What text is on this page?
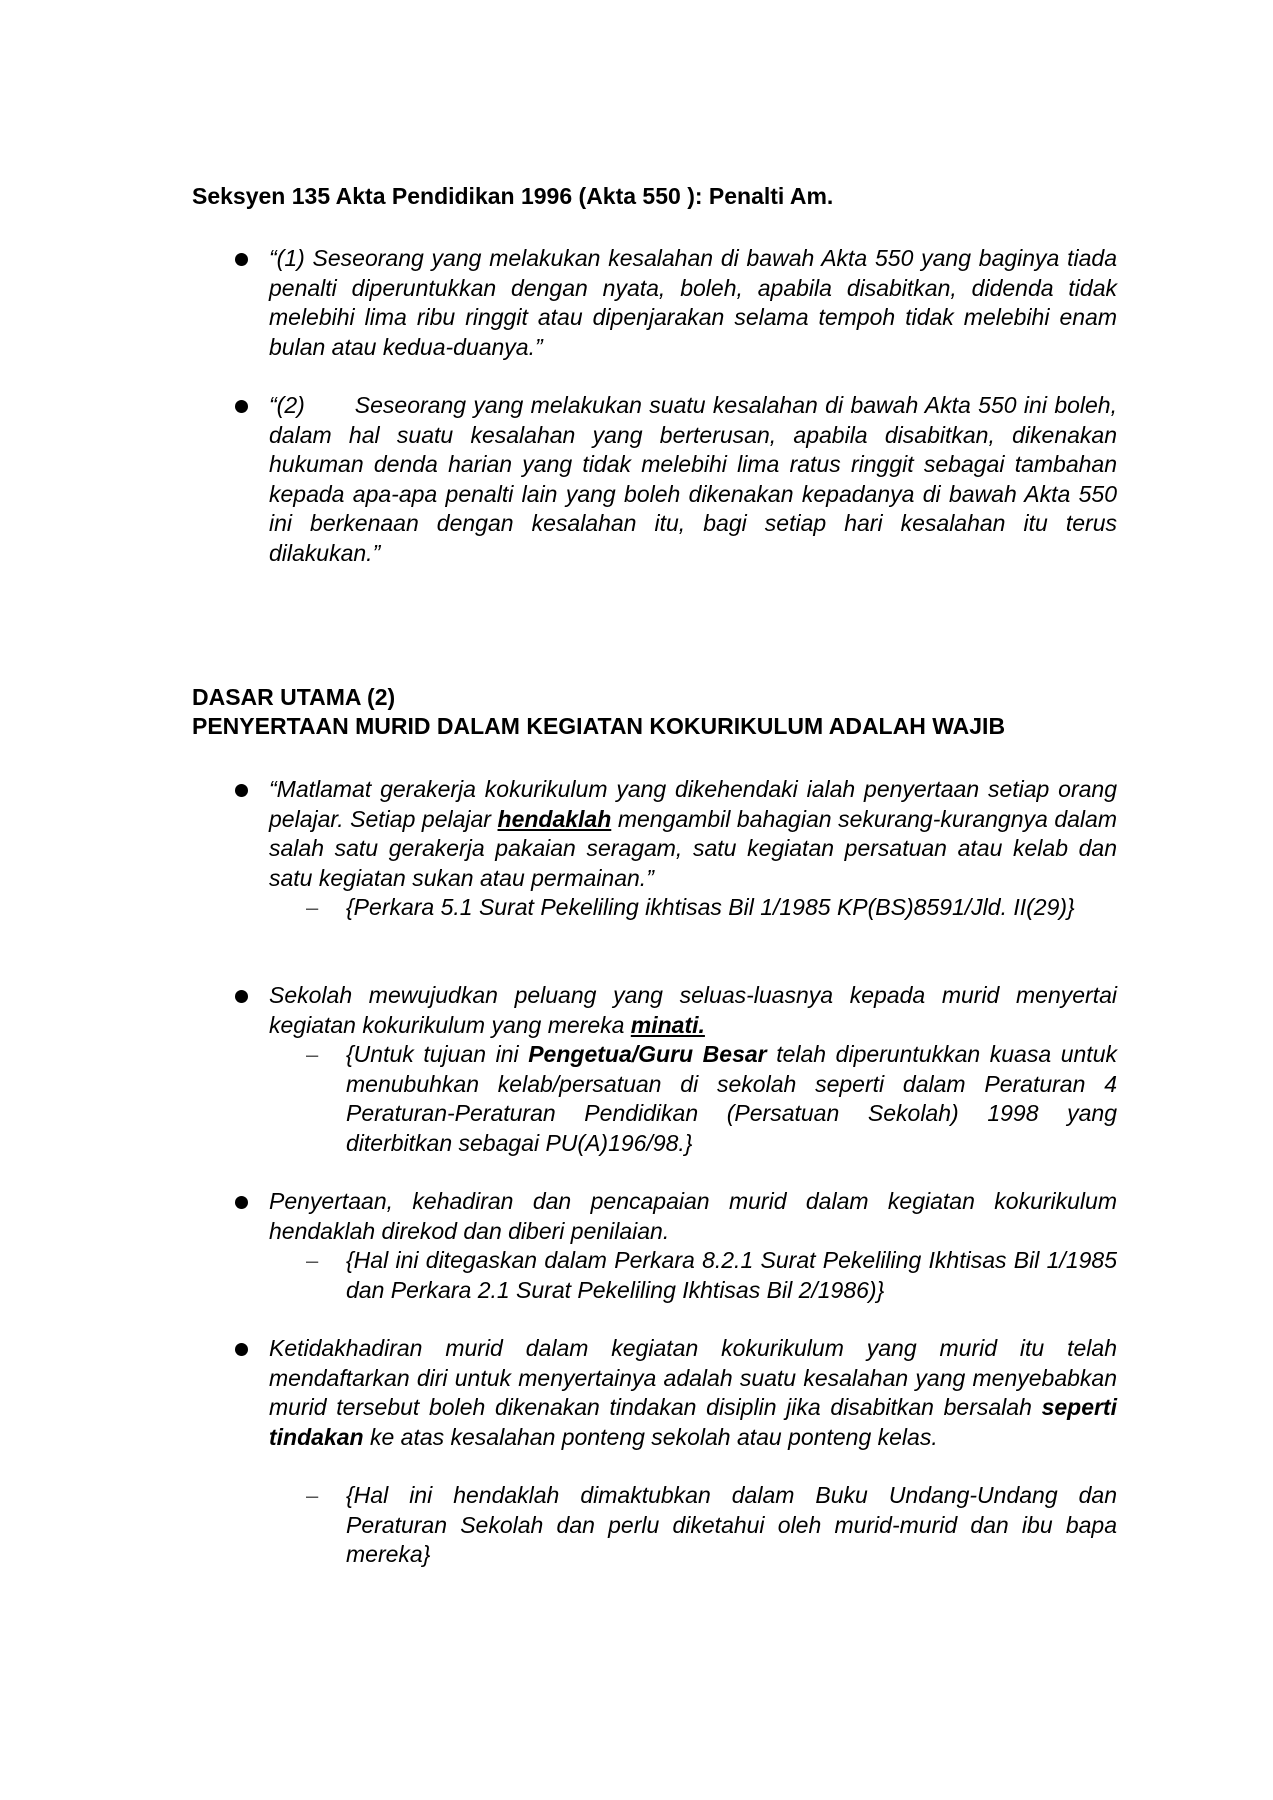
Seksyen 135 Akta Pendidikan 1996 (Akta 550 ): Penalti Am.

“(1) Seseorang yang melakukan kesalahan di bawah Akta 550 yang baginya tiada penalti diperuntukkan dengan nyata, boleh, apabila disabitkan, didenda tidak melebihi lima ribu ringgit atau dipenjarakan selama tempoh tidak melebihi enam bulan atau kedua-duanya.”

“(2) Seseorang yang melakukan suatu kesalahan di bawah Akta 550 ini boleh, dalam hal suatu kesalahan yang berterusan, apabila disabitkan, dikenakan hukuman denda harian yang tidak melebihi lima ratus ringgit sebagai tambahan kepada apa-apa penalti lain yang boleh dikenakan kepadanya di bawah Akta 550 ini berkenaan dengan kesalahan itu, bagi setiap hari kesalahan itu terus dilakukan.”

DASAR UTAMA (2)
PENYERTAAN MURID DALAM KEGIATAN KOKURIKULUM ADALAH WAJIB

“Matlamat gerakerja kokurikulum yang dikehendaki ialah penyertaan setiap orang pelajar. Setiap pelajar hendaklah mengambil bahagian sekurang-kurangnya dalam salah satu gerakerja pakaian seragam, satu kegiatan persatuan atau kelab dan satu kegiatan sukan atau permainan.”

–	{Perkara 5.1 Surat Pekeliling ikhtisas Bil 1/1985 KP(BS)8591/Jld. II(29)}

Sekolah mewujudkan peluang yang seluas-luasnya kepada murid menyertai kegiatan kokurikulum yang mereka minati.

–	{Untuk tujuan ini Pengetua/Guru Besar telah diperuntukkan kuasa untuk menubuhkan kelab/persatuan di sekolah seperti dalam Peraturan 4 Peraturan-Peraturan Pendidikan (Persatuan Sekolah) 1998 yang diterbitkan sebagai PU(A)196/98.}

Penyertaan, kehadiran dan pencapaian murid dalam kegiatan kokurikulum hendaklah direkod dan diberi penilaian.

–	{Hal ini ditegaskan dalam Perkara 8.2.1 Surat Pekeliling Ikhtisas Bil 1/1985 dan Perkara 2.1 Surat Pekeliling Ikhtisas Bil 2/1986)}

Ketidakhadiran murid dalam kegiatan kokurikulum yang murid itu telah mendaftarkan diri untuk menyertainya adalah suatu kesalahan yang menyebabkan murid tersebut boleh dikenakan tindakan disiplin jika disabitkan bersalah seperti tindakan ke atas kesalahan ponteng sekolah atau ponteng kelas.

–	{Hal ini hendaklah dimaktubkan dalam Buku Undang-Undang dan Peraturan Sekolah dan perlu diketahui oleh murid-murid dan ibu bapa mereka}
